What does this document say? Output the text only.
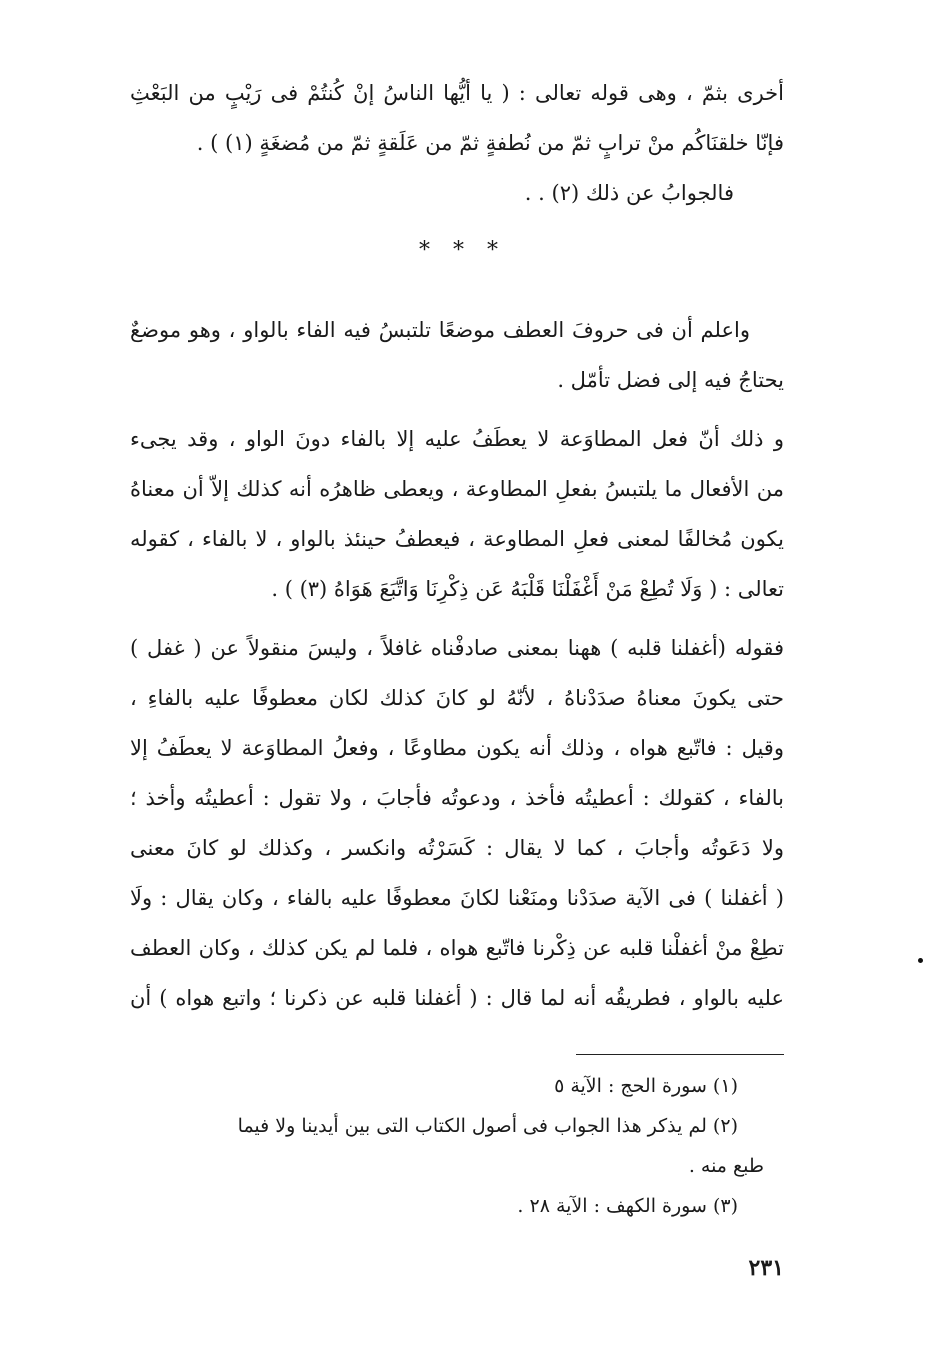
أخرى بثمّ ، وهى قوله تعالى : ( يا أيُّها الناسُ إنْ كُنتُمْ فى رَيْبٍ من البَعْثِ
فإنّا خلقنَاكُم منْ ترابٍ ثمّ من نُطفةٍ ثمّ من عَلَقةٍ ثمّ من مُضغَةٍ (١) ) .
فالجوابُ عن ذلك (٢) . .
* * *
واعلم أن فى حروفَ العطف موضعًا تلتبسُ فيه الفاء بالواو ، وهو موضعٌ
يحتاجُ فيه إلى فضل تأمّل .
و ذلك أنّ فعل المطاوَعة لا يعطَفُ عليه إلا بالفاء دونَ الواو ، وقد يجىء
من الأفعال ما يلتبسُ بفعلِ المطاوعة ، ويعطى ظاهرُه أنه كذلك إلاّ أن معناهُ
يكون مُخالفًا لمعنى فعلِ المطاوعة ، فيعطفُ حينئذ بالواو ، لا بالفاء ، كقوله
تعالى : ( وَلَا تُطِعْ مَنْ أَغْفَلْنَا قَلْبَهُ عَن ذِكْرِنَا وَاتَّبَعَ هَوَاهُ (٣) ) .
فقوله (أغفلنا قلبه ) ههنا بمعنى صادفْناه غافلاً ، وليسَ منقولاً عن ( غفل )
حتى يكونَ معناهُ صدَدْناهُ ، لأنّهُ لو كانَ كذلك لكان معطوفًا عليه بالفاءِ ،
وقيل : فاتّبع هواه ، وذلك أنه يكون مطاوعًا ، وفعلُ المطاوَعة لا يعطَفُ إلا
بالفاء ، كقولك : أعطيتُه فأخذ ، ودعوتُه فأجابَ ، ولا تقول : أعطيتُه وأخذ ؛
ولا دَعَوتُه وأجابَ ، كما لا يقال : كَسَرْتُه وانكسر ، وكذلك لو كانَ معنى
( أغفلنا ) فى الآية صدَدْنا ومنَعْنا لكانَ معطوفًا عليه بالفاء ، وكان يقال : ولَا
تطِعْ منْ أغفلْنا قلبه عن ذِكْرنا فاتّبع هواه ، فلما لم يكن كذلك ، وكان العطف
عليه بالواو ، فطريقُه أنه لما قال : ( أغفلنا قلبه عن ذكرنا ؛ واتبع هواه ) أن
(١) سورة الحج : الآية ٥
(٢) لم يذكر هذا الجواب فى أصول الكتاب التى بين أيدينا ولا فيما
طبع منه .
(٣) سورة الكهف : الآية ٢٨ .
٢٣١
